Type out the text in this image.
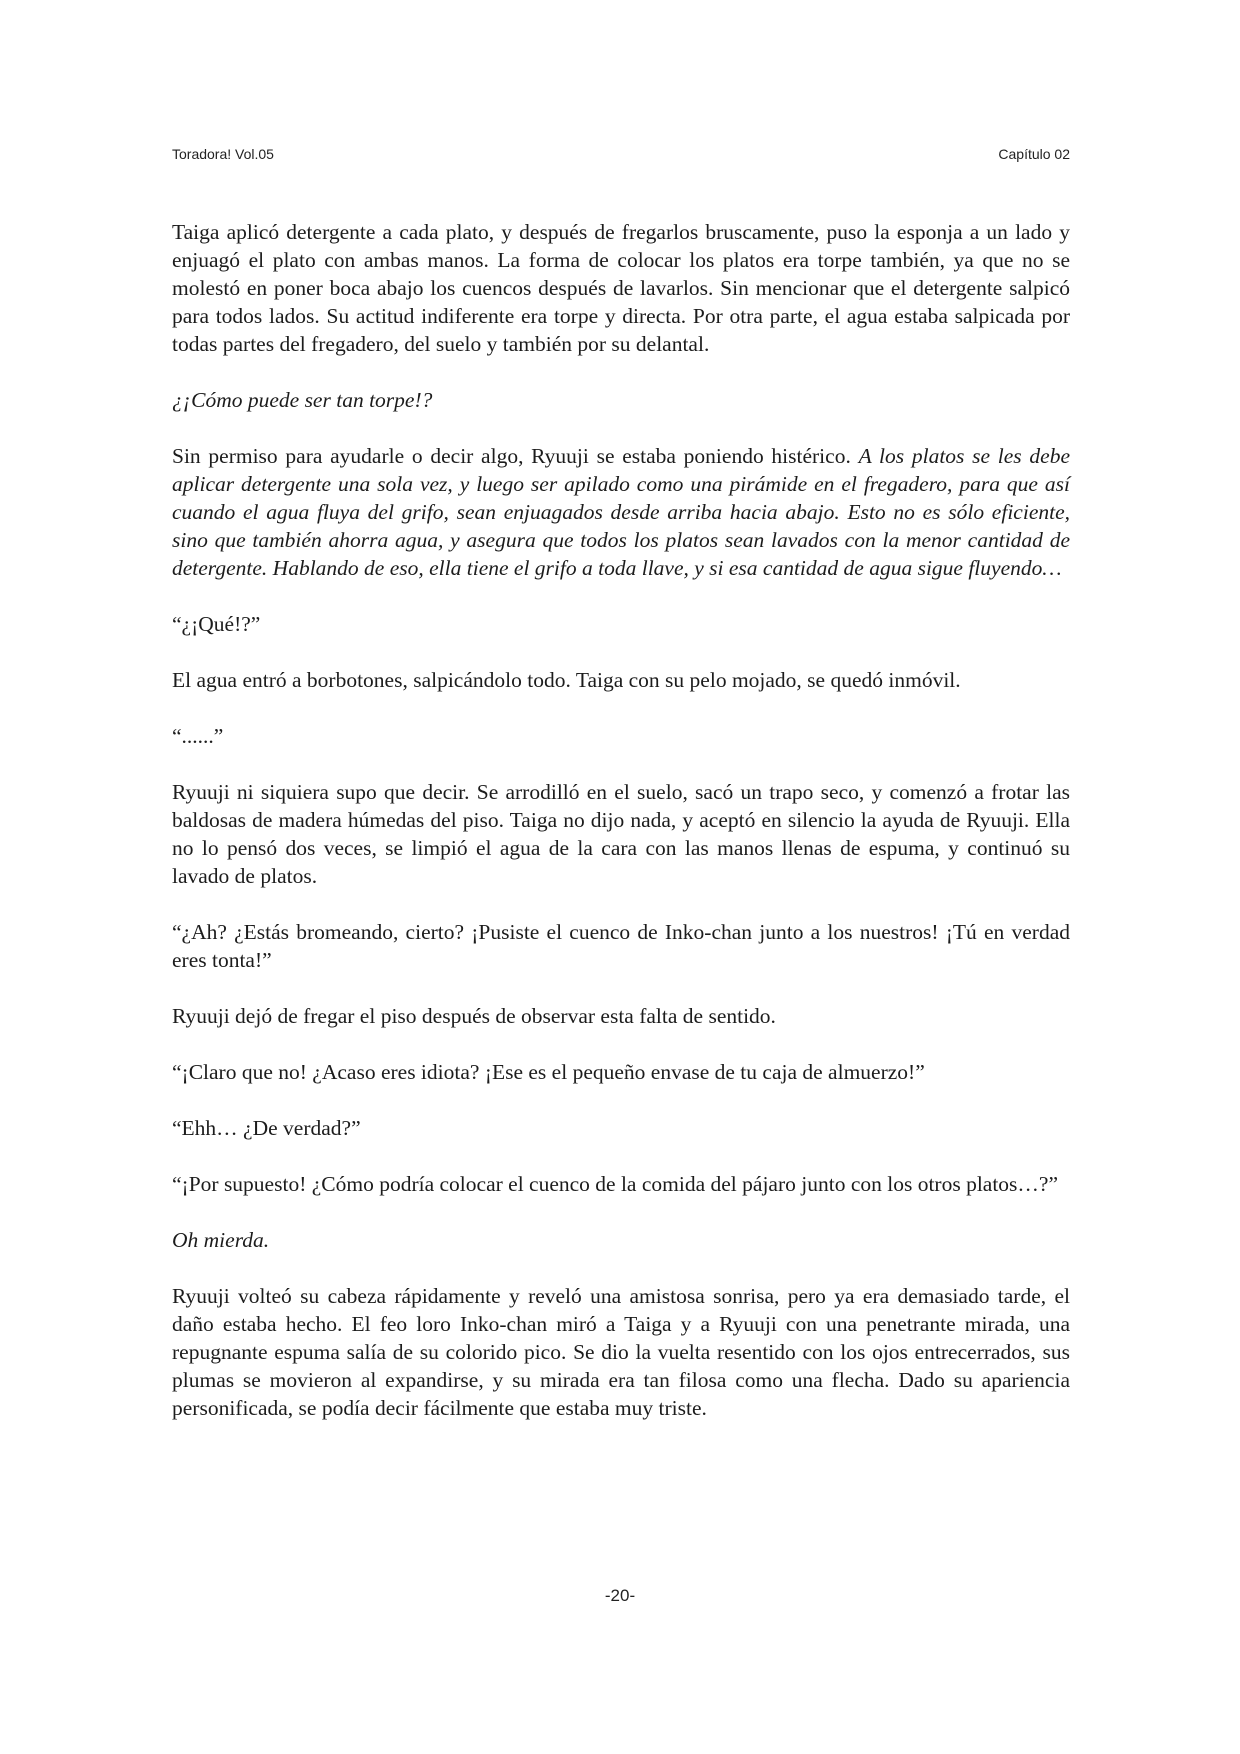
Toradora! Vol.05	Capítulo 02

Taiga aplicó detergente a cada plato, y después de fregarlos bruscamente, puso la esponja a un lado y enjuagó el plato con ambas manos. La forma de colocar los platos era torpe también, ya que no se molestó en poner boca abajo los cuencos después de lavarlos. Sin mencionar que el detergente salpicó para todos lados. Su actitud indiferente era torpe y directa. Por otra parte, el agua estaba salpicada por todas partes del fregadero, del suelo y también por su delantal.

¿¡Cómo puede ser tan torpe!?

Sin permiso para ayudarle o decir algo, Ryuuji se estaba poniendo histérico. A los platos se les debe aplicar detergente una sola vez, y luego ser apilado como una pirámide en el fregadero, para que así cuando el agua fluya del grifo, sean enjuagados desde arriba hacia abajo. Esto no es sólo eficiente, sino que también ahorra agua, y asegura que todos los platos sean lavados con la menor cantidad de detergente. Hablando de eso, ella tiene el grifo a toda llave, y si esa cantidad de agua sigue fluyendo…

“¿¡Qué!?”

El agua entró a borbotones, salpicándolo todo. Taiga con su pelo mojado, se quedó inmóvil.

“......”

Ryuuji ni siquiera supo que decir. Se arrodilló en el suelo, sacó un trapo seco, y comenzó a frotar las baldosas de madera húmedas del piso. Taiga no dijo nada, y aceptó en silencio la ayuda de Ryuuji. Ella no lo pensó dos veces, se limpió el agua de la cara con las manos llenas de espuma, y continuó su lavado de platos.

“¿Ah? ¿Estás bromeando, cierto? ¡Pusiste el cuenco de Inko-chan junto a los nuestros! ¡Tú en verdad eres tonta!”

Ryuuji dejó de fregar el piso después de observar esta falta de sentido.

“¡Claro que no! ¿Acaso eres idiota? ¡Ese es el pequeño envase de tu caja de almuerzo!”

“Ehh… ¿De verdad?”

“¡Por supuesto! ¿Cómo podría colocar el cuenco de la comida del pájaro junto con los otros platos…?”

Oh mierda.

Ryuuji volteó su cabeza rápidamente y reveló una amistosa sonrisa, pero ya era demasiado tarde, el daño estaba hecho. El feo loro Inko-chan miró a Taiga y a Ryuuji con una penetrante mirada, una repugnante espuma salía de su colorido pico. Se dio la vuelta resentido con los ojos entrecerrados, sus plumas se movieron al expandirse, y su mirada era tan filosa como una flecha. Dado su apariencia personificada, se podía decir fácilmente que estaba muy triste.

-20-
